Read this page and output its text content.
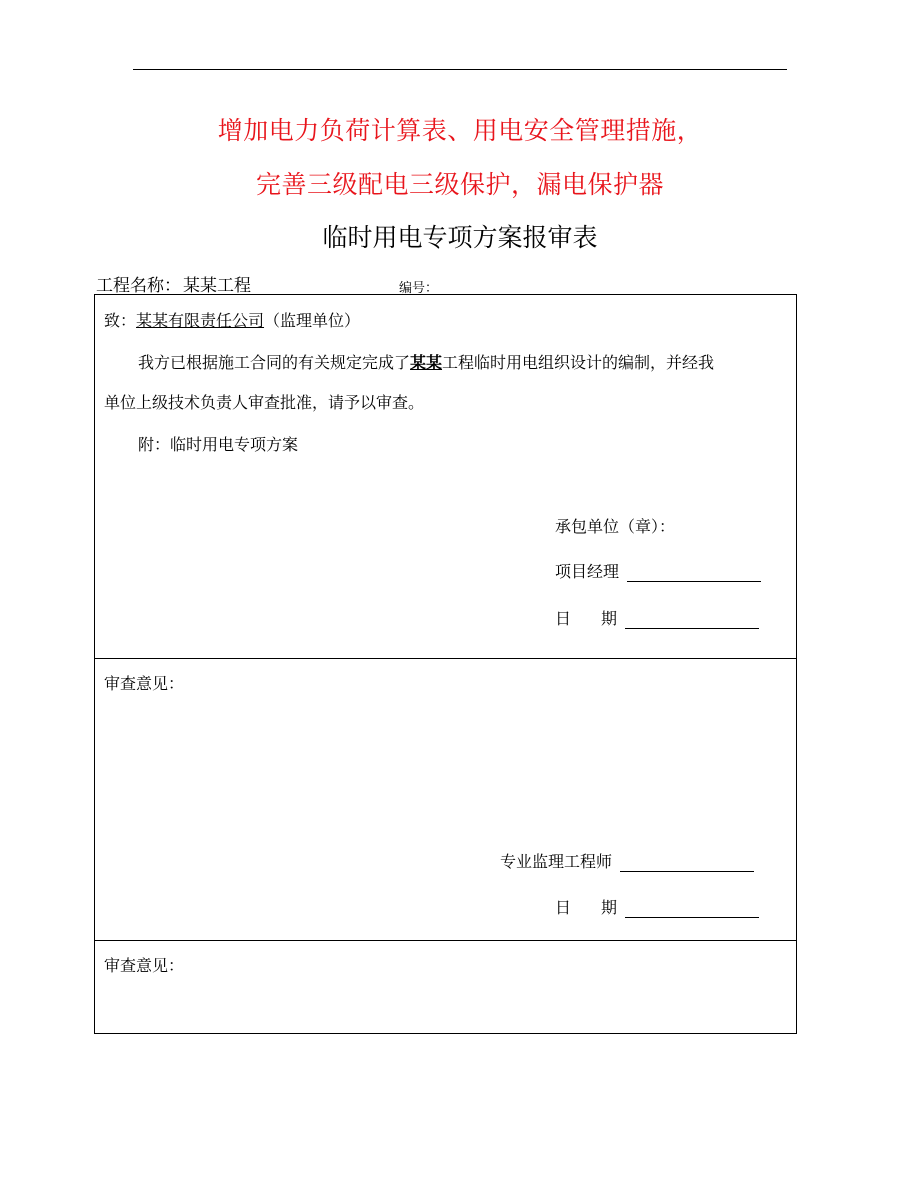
增加电力负荷计算表、用电安全管理措施，
完善三级配电三级保护，漏电保护器
临时用电专项方案报审表
工程名称： 某某工程	编号：
致：某某有限责任公司（监理单位）
我方已根据施工合同的有关规定完成了某某工程临时用电组织设计的编制，并经我
单位上级技术负责人审查批准，请予以审查。
附：临时用电专项方案
承包单位（章）：
项目经理
日 期
审查意见：
专业监理工程师
日 期
审查意见：
